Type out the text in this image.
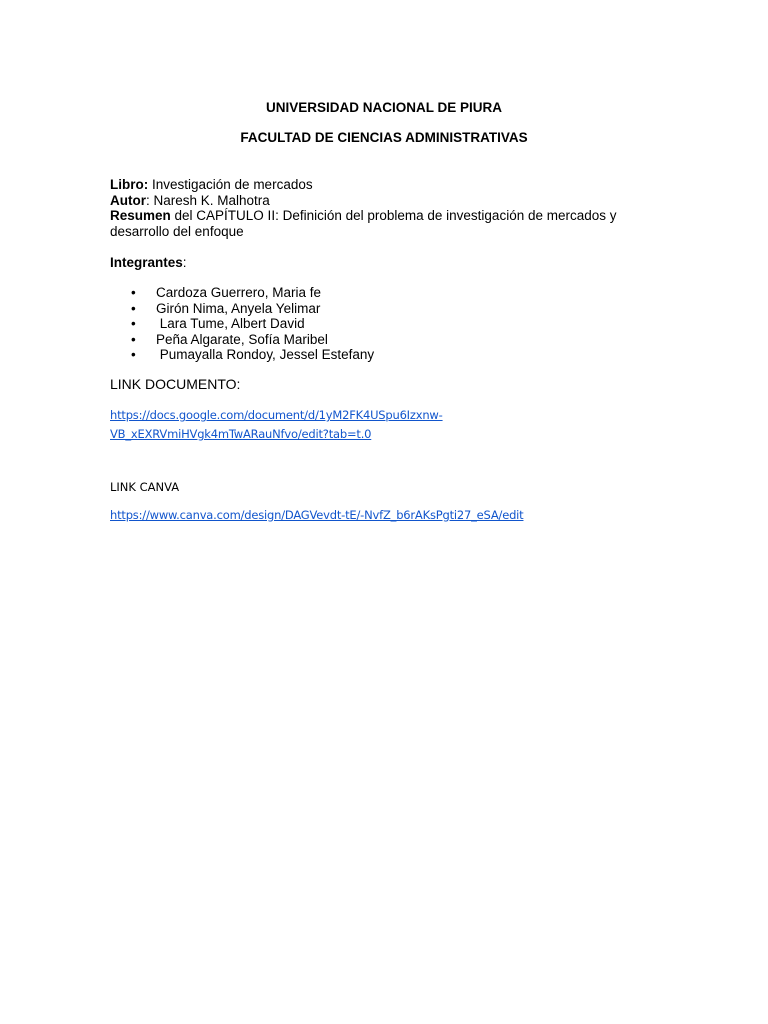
UNIVERSIDAD NACIONAL DE PIURA
FACULTAD DE CIENCIAS ADMINISTRATIVAS

Libro: Investigación de mercados

Autor: Naresh K. Malhotra

Resumen del CAPÍTULO II: Definición del problema de investigación de mercados y desarrollo del enfoque

Integrantes:
• Cardoza Guerrero, Maria fe
• Girón Nima, Anyela Yelimar
• Lara Tume, Albert David
• Peña Algarate, Sofía Maribel
• Pumayalla Rondoy, Jessel Estefany
LINK DOCUMENTO:
https://docs.google.com/document/d/1yM2FK4USpu6Izxnw-
VB_xEXRVmiHVgk4mTwARauNfvo/edit?tab=t.0
LINK CANVA
https://www.canva.com/design/DAGVevdt-tE/-NvfZ_b6rAKsPgti27_eSA/edit
